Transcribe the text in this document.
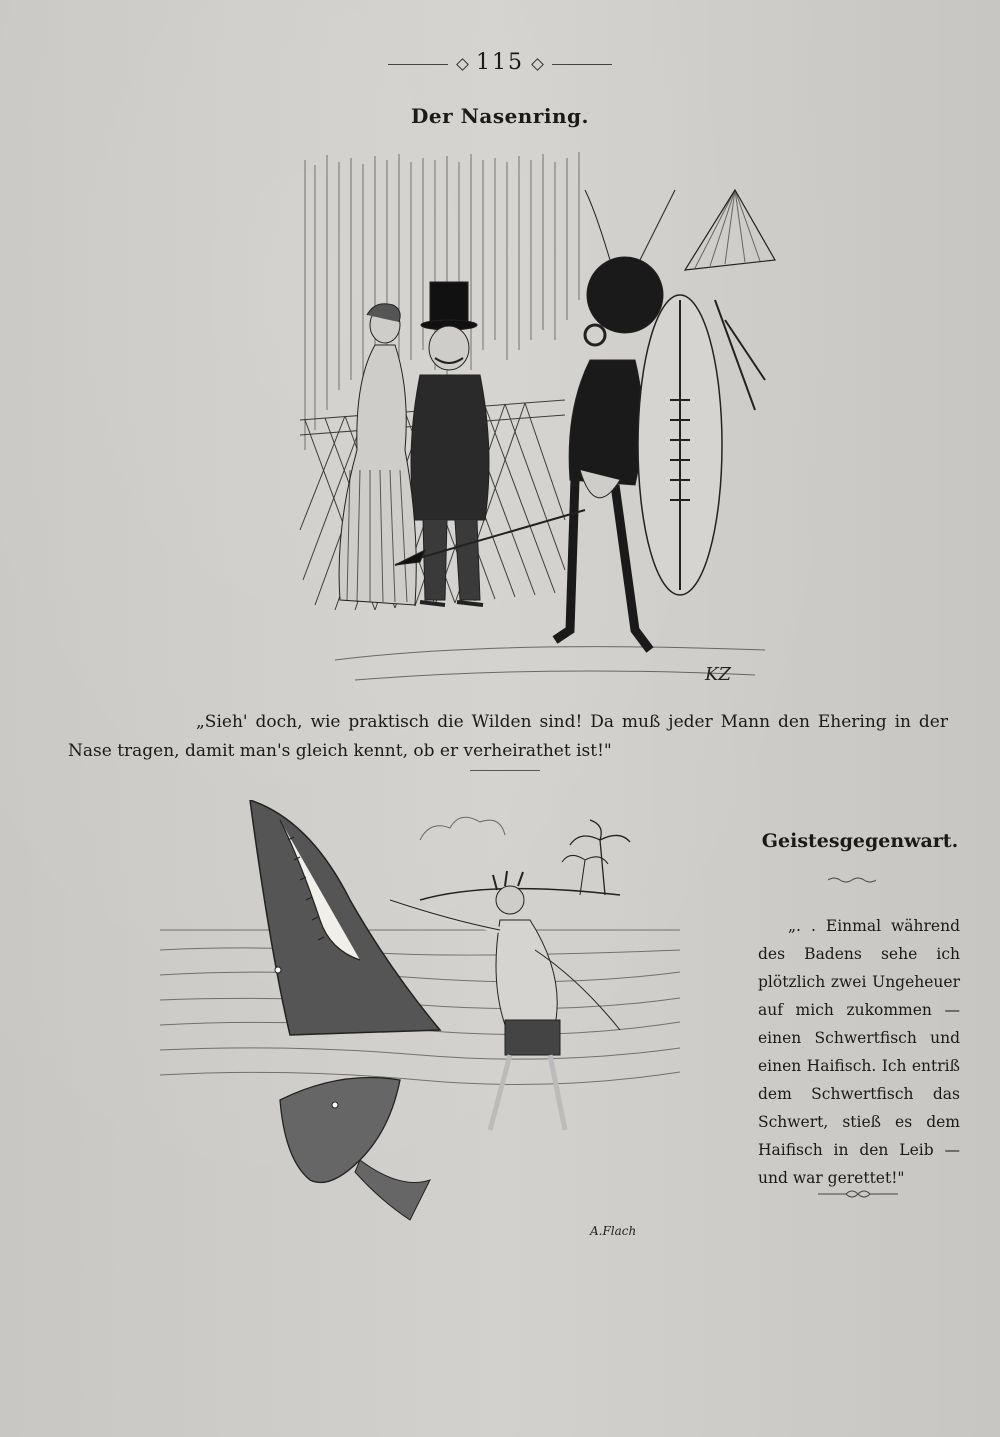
115
Der Nasenring.
KZ

„Sieh' doch, wie praktisch die Wilden sind! Da muß jeder Mann den Ehering in der Nase tragen, damit man's gleich kennt, ob er verheirathet ist!"

A.Flach
Geistesgegenwart.

„. . Einmal während des Badens sehe ich plötzlich zwei Ungeheuer auf mich zukommen — einen Schwertfisch und einen Haifisch. Ich entriß dem Schwertfisch das Schwert, stieß es dem Haifisch in den Leib — und war gerettet!"
